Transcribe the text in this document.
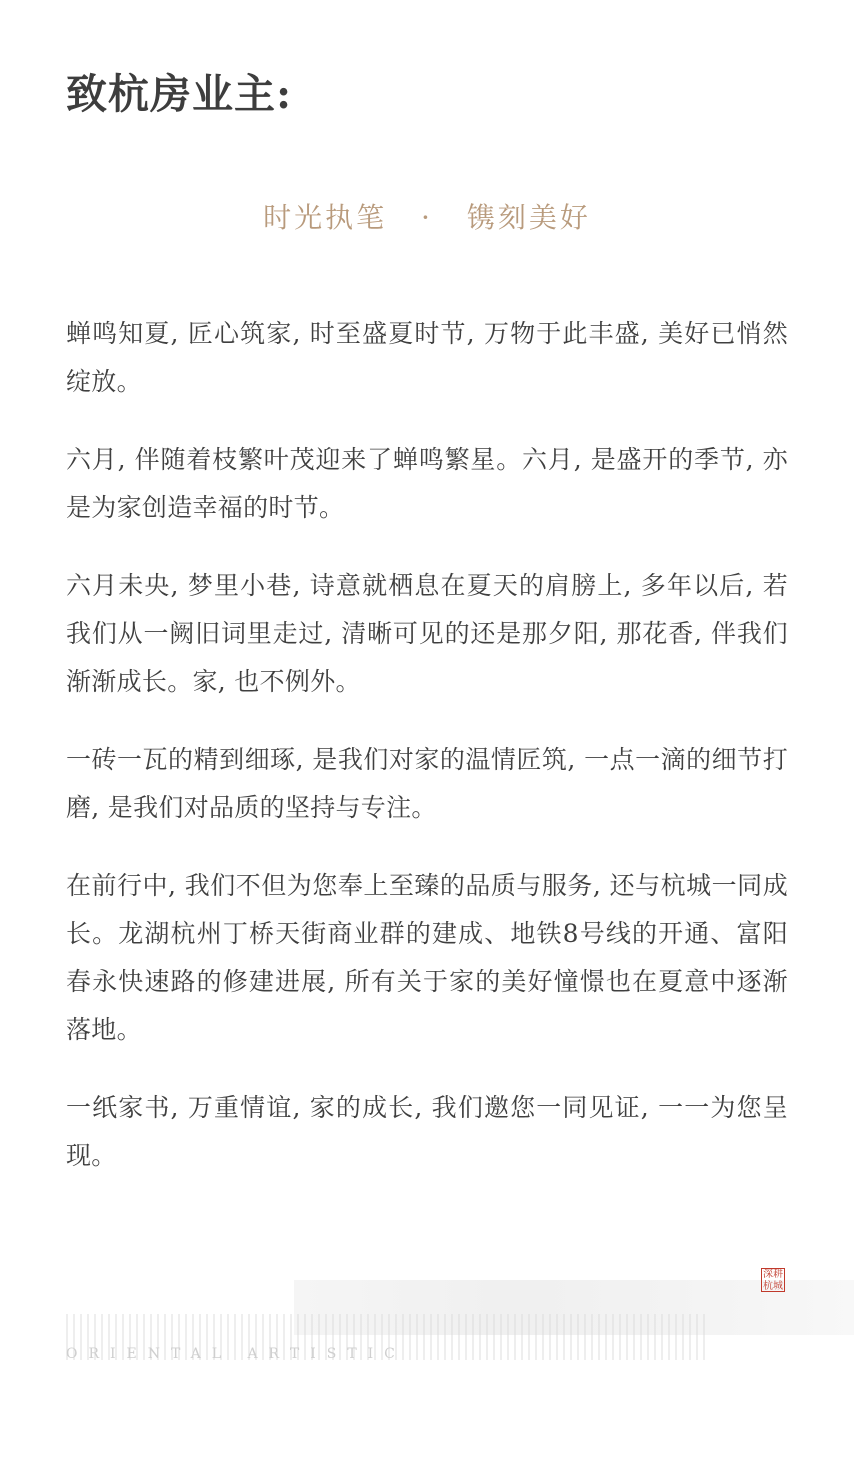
致杭房业主:
时光执笔 · 镌刻美好

蝉鸣知夏, 匠心筑家, 时至盛夏时节, 万物于此丰盛, 美好已悄然绽放。

六月, 伴随着枝繁叶茂迎来了蝉鸣繁星。六月, 是盛开的季节, 亦是为家创造幸福的时节。

六月未央, 梦里小巷, 诗意就栖息在夏天的肩膀上, 多年以后, 若我们从一阙旧词里走过, 清晰可见的还是那夕阳, 那花香, 伴我们渐渐成长。家, 也不例外。

一砖一瓦的精到细琢, 是我们对家的温情匠筑, 一点一滴的细节打磨, 是我们对品质的坚持与专注。

在前行中, 我们不但为您奉上至臻的品质与服务, 还与杭城一同成长。龙湖杭州丁桥天街商业群的建成、地铁8号线的开通、富阳春永快速路的修建进展, 所有关于家的美好憧憬也在夏意中逐渐落地。

一纸家书, 万重情谊, 家的成长, 我们邀您一同见证, 一一为您呈现。

深耕
杭城
ORIENTAL ARTISTIC
